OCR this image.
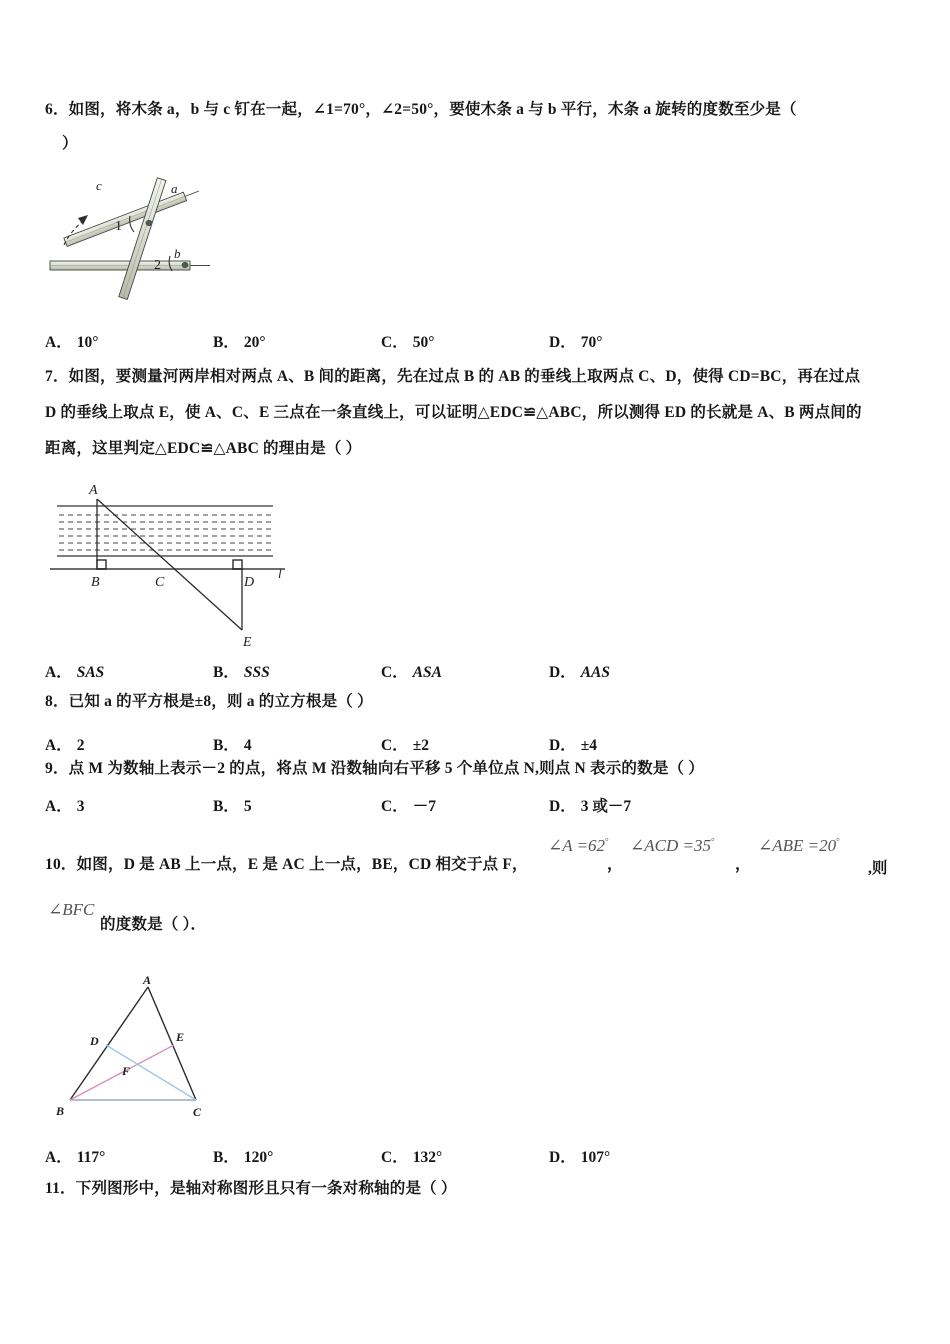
6．如图，将木条 a，b 与 c 钉在一起，∠1=70°，∠2=50°，要使木条 a 与 b 平行，木条 a 旋转的度数至少是（
）
c	a
b
1
2
A． 10°	B． 20°	C． 50°	D． 70°
7．如图，要测量河两岸相对两点 A、B 间的距离，先在过点 B 的 AB 的垂线上取两点 C、D，使得 CD=BC，再在过点
D 的垂线上取点 E，使 A、C、E 三点在一条直线上，可以证明△EDC≌△ABC，所以测得 ED 的长就是 A、B 两点间的
距离，这里判定△EDC≌△ABC 的理由是（ ）
A
B	C	D
E
l
A． SAS	B． SSS	C． ASA	D． AAS
8．已知 a 的平方根是±8，则 a 的立方根是（ ）
A． 2	B． 4	C． ±2	D． ±4
9．点 M 为数轴上表示－2 的点，将点 M 沿数轴向右平移 5 个单位点 N,则点 N 表示的数是（ ）
A． 3	B． 5	C． －7	D． 3 或－7
10．如图，D 是 AB 上一点，E 是 AC 上一点，BE，CD 相交于点 F，
∠A =62°
，
∠ACD =35°
，
∠ABE =20°
,则
∠BFC
的度数是（ ）．
A
B	C
D	E
F
A． 117°	B． 120°	C． 132°	D． 107°
11．下列图形中，是轴对称图形且只有一条对称轴的是（ ）
